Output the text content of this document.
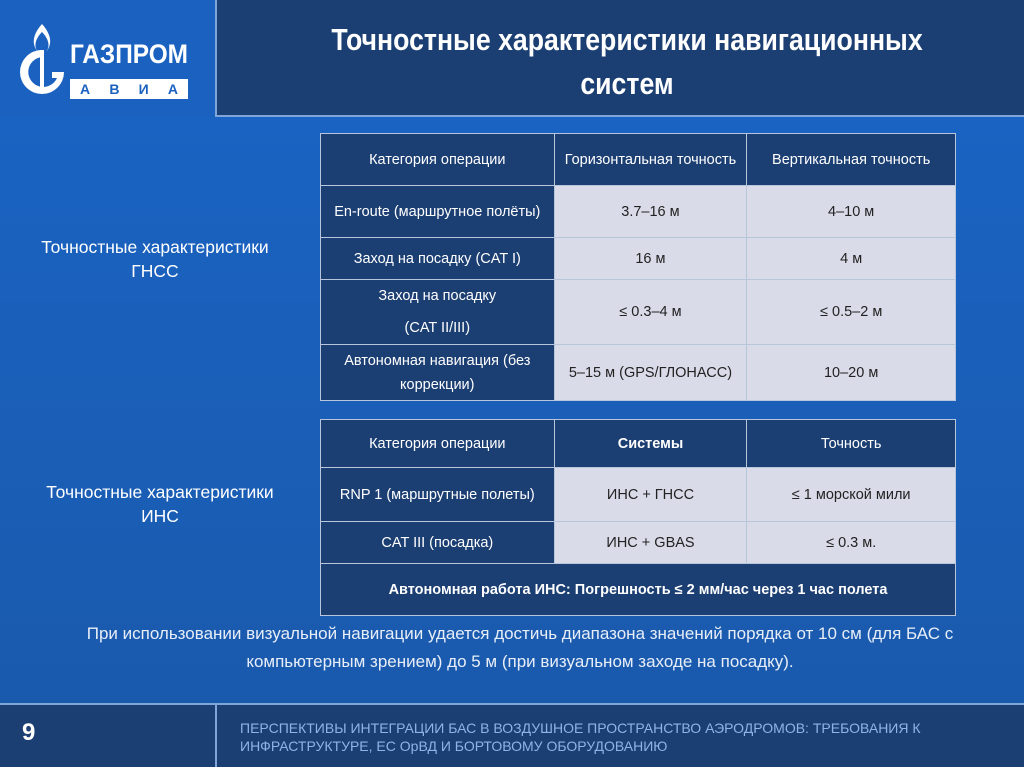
ГАЗПРОМ
А В И А
Точностные характеристики навигационных систем
Точностные характеристики ГНСС
Категория операции	Горизонтальная точность	Вертикальная точность
En-route (маршрутное полёты)	3.7–16 м	4–10 м
Заход на посадку (CAT I)	16 м	4 м

Заход на посадку
(CAT II/III)	≤ 0.3–4 м	≤ 0.5–2 м
Автономная навигация (без коррекции)	5–15 м (GPS/ГЛОНАСС)	10–20 м
Точностные характеристики ИНС
Категория операции	Системы	Точность
RNP 1 (маршрутные полеты)	ИНС + ГНСС	≤ 1 морской мили
CAT III (посадка)	ИНС + GBAS	≤ 0.3 м.
Автономная работа ИНС: Погрешность ≤ 2 мм/час через 1 час полета		
При использовании визуальной навигации удается достичь диапазона значений порядка от 10 см (для БАС с компьютерным зрением) до 5 м (при визуальном заходе на посадку).
9	ПЕРСПЕКТИВЫ ИНТЕГРАЦИИ БАС В ВОЗДУШНОЕ ПРОСТРАНСТВО АЭРОДРОМОВ: ТРЕБОВАНИЯ К ИНФРАСТРУКТУРЕ, ЕС ОрВД И БОРТОВОМУ ОБОРУДОВАНИЮ
